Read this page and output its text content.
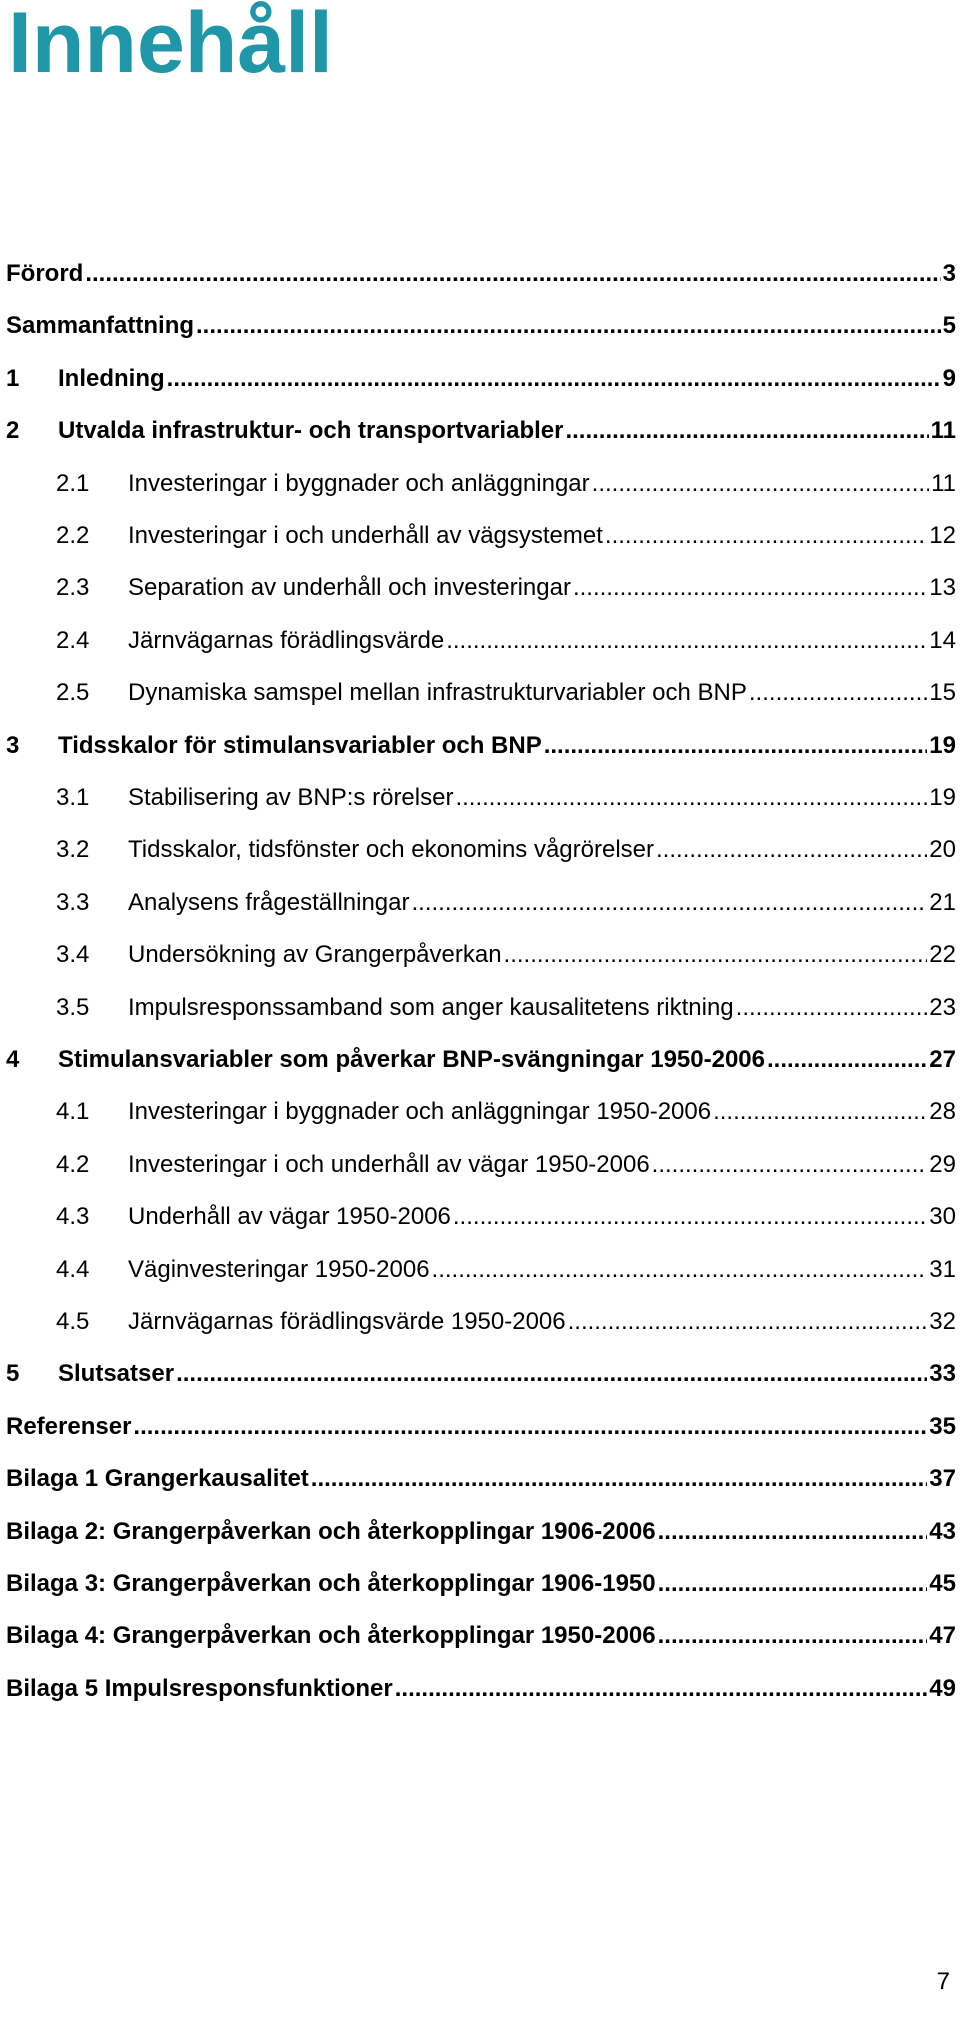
Innehåll
Förord .....	3
Sammanfattning .....	5
1	Inledning .....	9
2	Utvalda infrastruktur- och transportvariabler .....	11
2.1	Investeringar i byggnader och anläggningar .....	11
2.2	Investeringar i och underhåll av vägsystemet .....	12
2.3	Separation av underhåll och investeringar .....	13
2.4	Järnvägarnas förädlingsvärde .....	14
2.5	Dynamiska samspel mellan infrastrukturvariabler och BNP .....	15
3	Tidsskalor för stimulansvariabler och BNP .....	19
3.1	Stabilisering av BNP:s rörelser .....	19
3.2	Tidsskalor, tidsfönster och ekonomins vågrörelser .....	20
3.3	Analysens frågeställningar .....	21
3.4	Undersökning av Grangerpåverkan .....	22
3.5	Impulsresponssamband som anger kausalitetens riktning .....	23
4	Stimulansvariabler som påverkar BNP-svängningar 1950-2006 .....	27
4.1	Investeringar i byggnader och anläggningar 1950-2006 .....	28
4.2	Investeringar i och underhåll av vägar 1950-2006 .....	29
4.3	Underhåll av vägar 1950-2006 .....	30
4.4	Väginvesteringar 1950-2006 .....	31
4.5	Järnvägarnas förädlingsvärde 1950-2006 .....	32
5	Slutsatser .....	33
Referenser .....	35
Bilaga 1 Grangerkausalitet .....	37
Bilaga 2: Grangerpåverkan och återkopplingar 1906-2006 .....	43
Bilaga 3: Grangerpåverkan och återkopplingar 1906-1950 .....	45
Bilaga 4: Grangerpåverkan och återkopplingar 1950-2006 .....	47
Bilaga 5 Impulsresponsfunktioner .....	49
7
